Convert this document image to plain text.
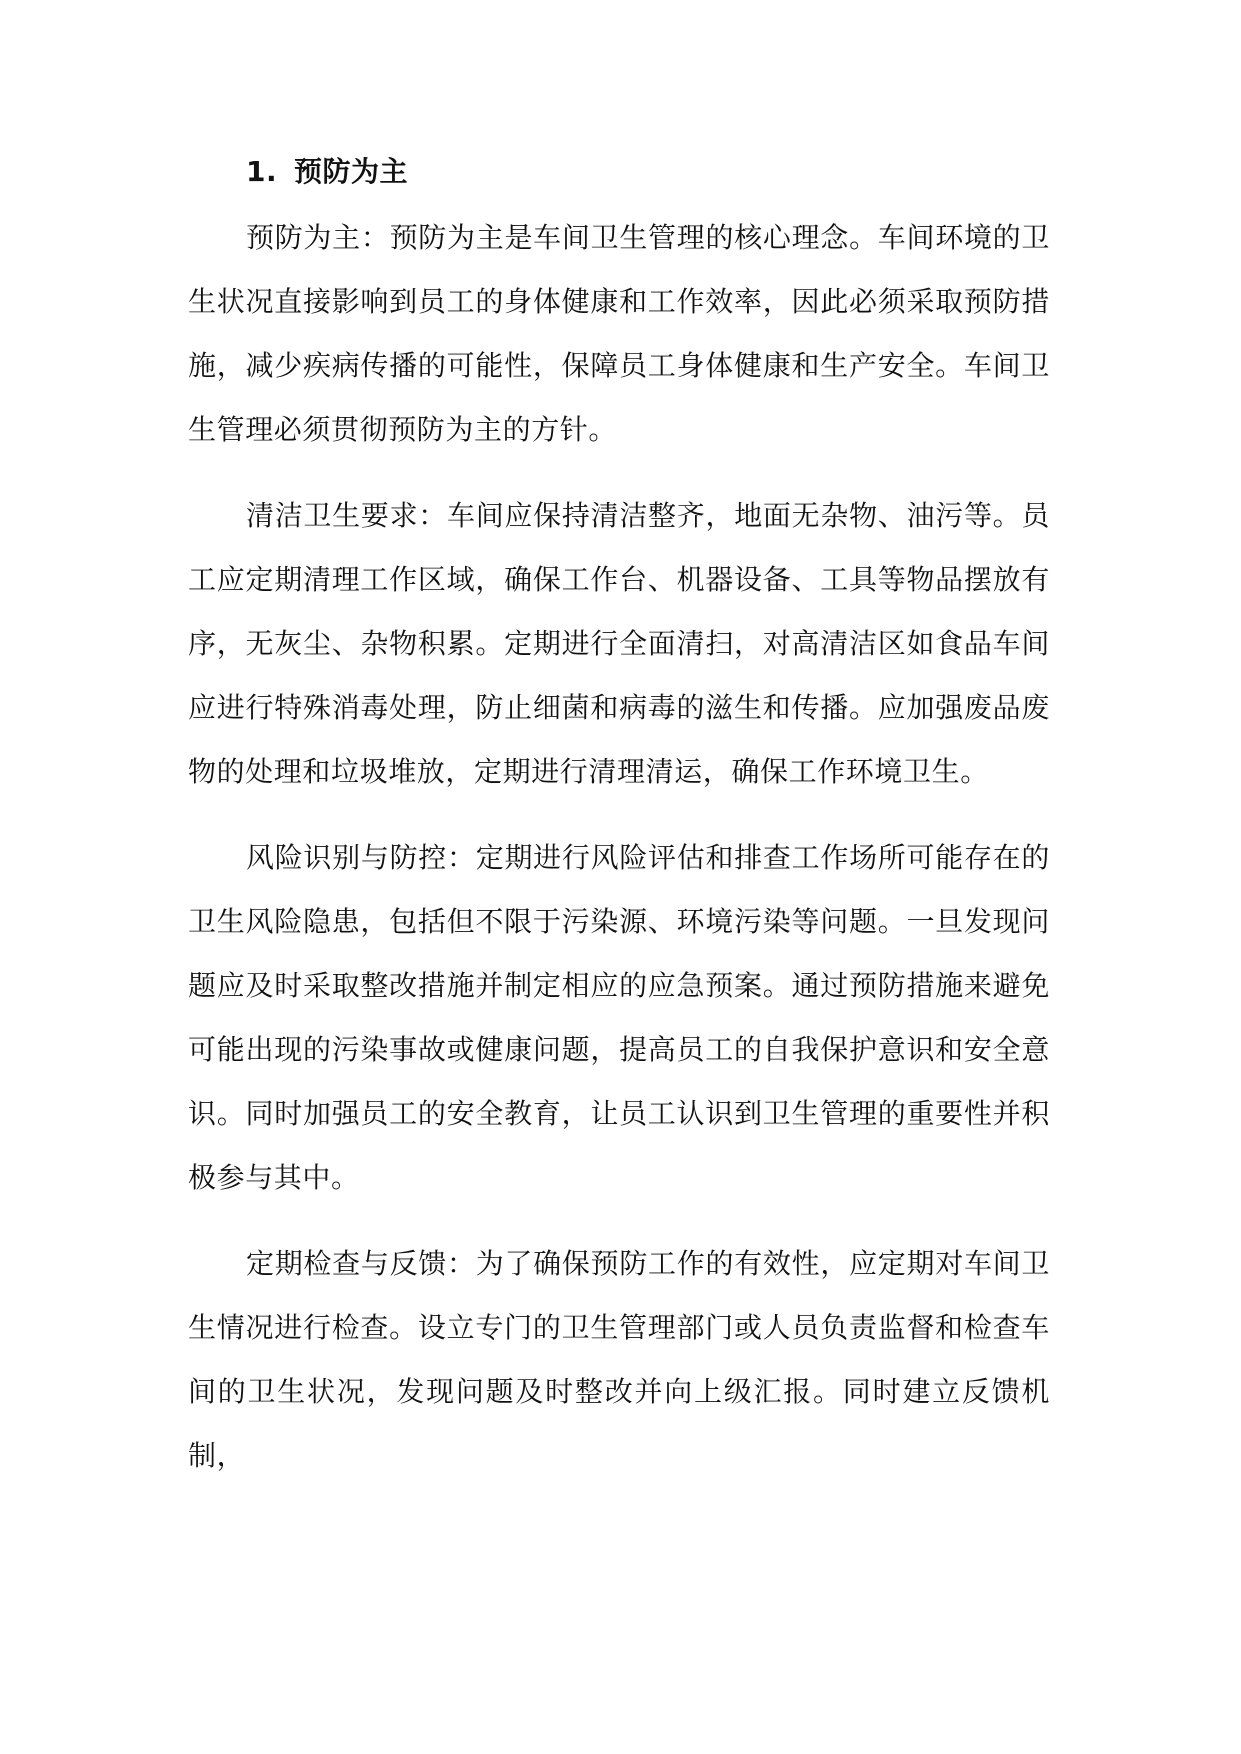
1. 预防为主

预防为主：预防为主是车间卫生管理的核心理念。车间环境的卫生状况直接影响到员工的身体健康和工作效率，因此必须采取预防措施，减少疾病传播的可能性，保障员工身体健康和生产安全。车间卫生管理必须贯彻预防为主的方针。

清洁卫生要求：车间应保持清洁整齐，地面无杂物、油污等。员工应定期清理工作区域，确保工作台、机器设备、工具等物品摆放有序，无灰尘、杂物积累。定期进行全面清扫，对高清洁区如食品车间应进行特殊消毒处理，防止细菌和病毒的滋生和传播。应加强废品废物的处理和垃圾堆放，定期进行清理清运，确保工作环境卫生。

风险识别与防控：定期进行风险评估和排查工作场所可能存在的卫生风险隐患，包括但不限于污染源、环境污染等问题。一旦发现问题应及时采取整改措施并制定相应的应急预案。通过预防措施来避免可能出现的污染事故或健康问题，提高员工的自我保护意识和安全意识。同时加强员工的安全教育，让员工认识到卫生管理的重要性并积极参与其中。

定期检查与反馈：为了确保预防工作的有效性，应定期对车间卫生情况进行检查。设立专门的卫生管理部门或人员负责监督和检查车间的卫生状况，发现问题及时整改并向上级汇报。同时建立反馈机制，
